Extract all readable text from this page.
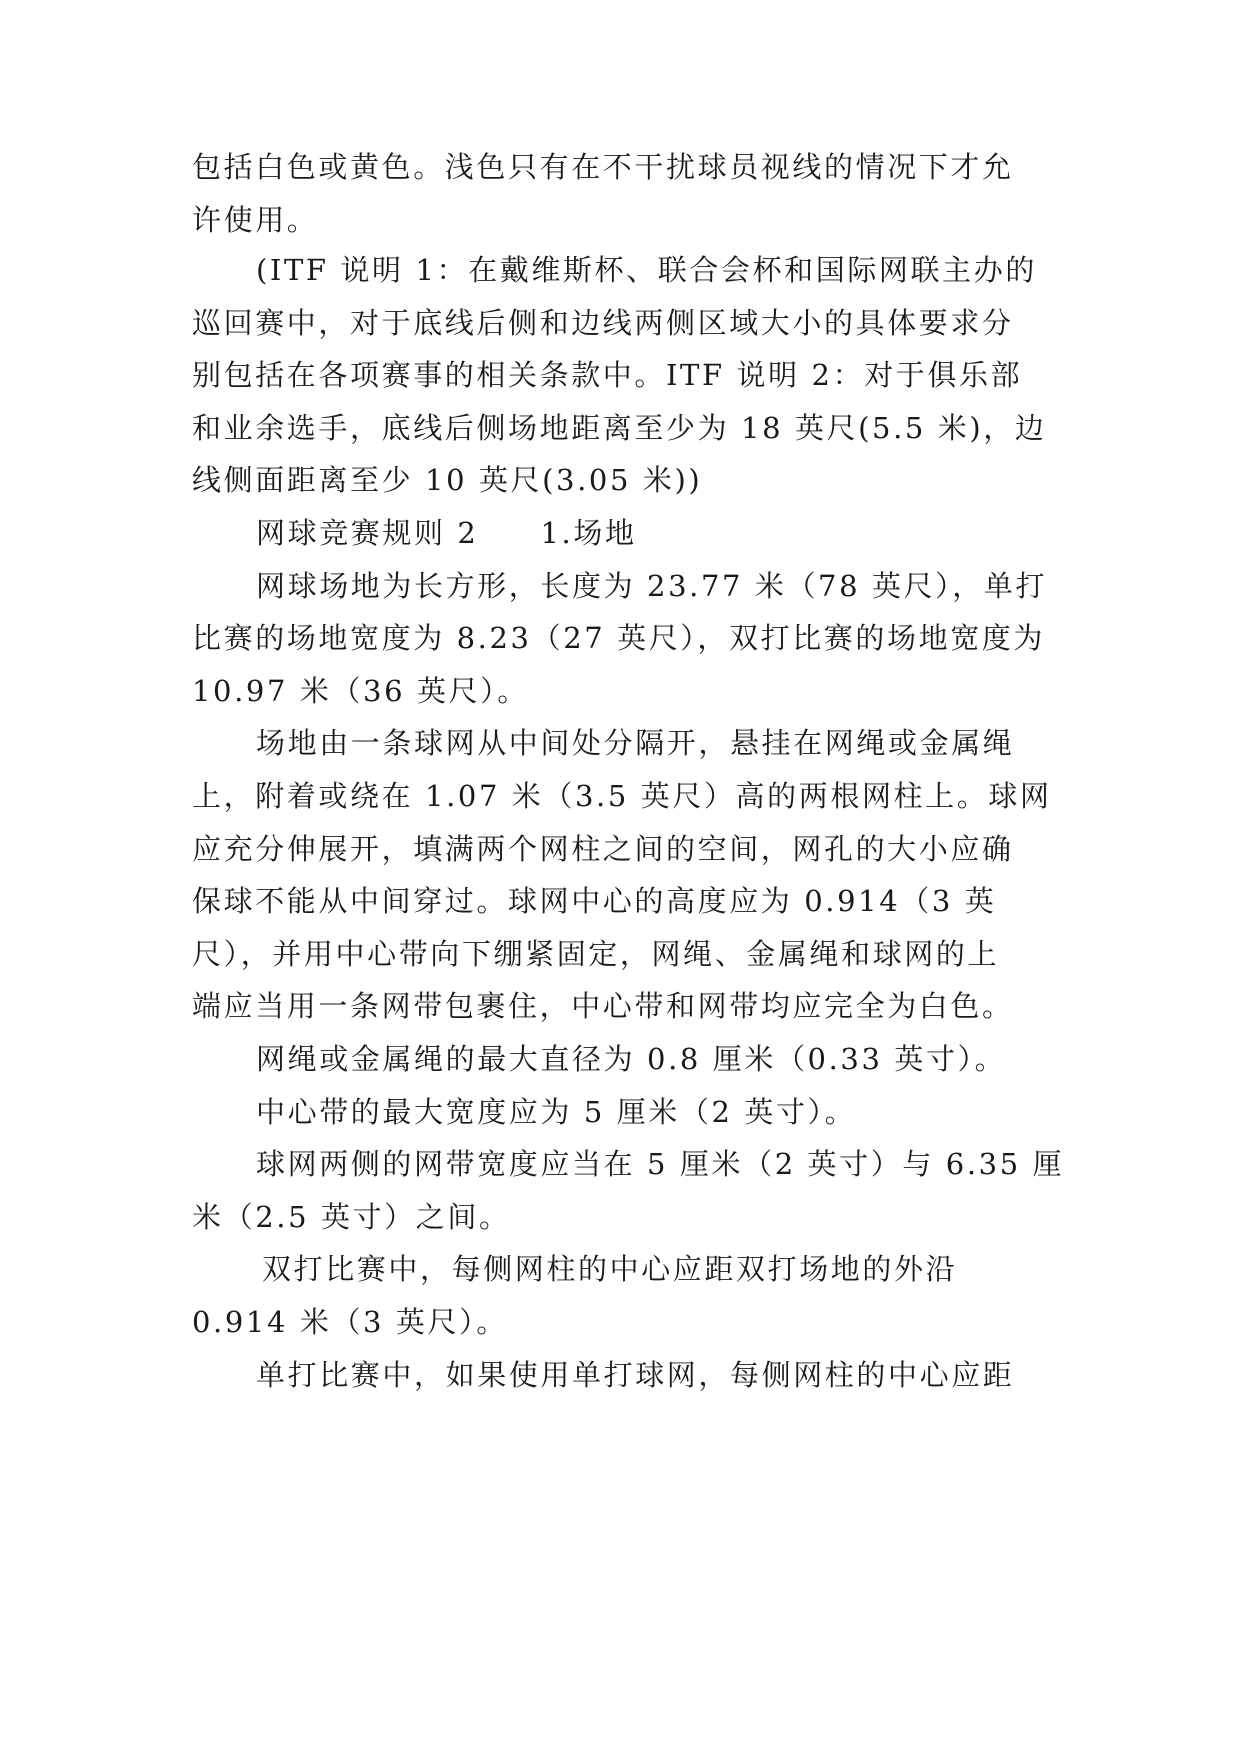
包括白色或黄色。浅色只有在不干扰球员视线的情况下才允
许使用。
(ITF 说明 1：在戴维斯杯、联合会杯和国际网联主办的
巡回赛中，对于底线后侧和边线两侧区域大小的具体要求分
别包括在各项赛事的相关条款中。ITF 说明 2：对于俱乐部
和业余选手，底线后侧场地距离至少为 18 英尺(5.5 米)，边
线侧面距离至少 10 英尺(3.05 米))
网球竞赛规则 2 1.场地
网球场地为长方形，长度为 23.77 米（78 英尺），单打
比赛的场地宽度为 8.23（27 英尺），双打比赛的场地宽度为
10.97 米（36 英尺）。
场地由一条球网从中间处分隔开，悬挂在网绳或金属绳
上，附着或绕在 1.07 米（3.5 英尺）高的两根网柱上。球网
应充分伸展开，填满两个网柱之间的空间，网孔的大小应确
保球不能从中间穿过。球网中心的高度应为 0.914（3 英
尺），并用中心带向下绷紧固定，网绳、金属绳和球网的上
端应当用一条网带包裹住，中心带和网带均应完全为白色。
网绳或金属绳的最大直径为 0.8 厘米（0.33 英寸）。
中心带的最大宽度应为 5 厘米（2 英寸）。
球网两侧的网带宽度应当在 5 厘米（2 英寸）与 6.35 厘
米（2.5 英寸）之间。
双打比赛中，每侧网柱的中心应距双打场地的外沿
0.914 米（3 英尺）。
单打比赛中，如果使用单打球网，每侧网柱的中心应距
